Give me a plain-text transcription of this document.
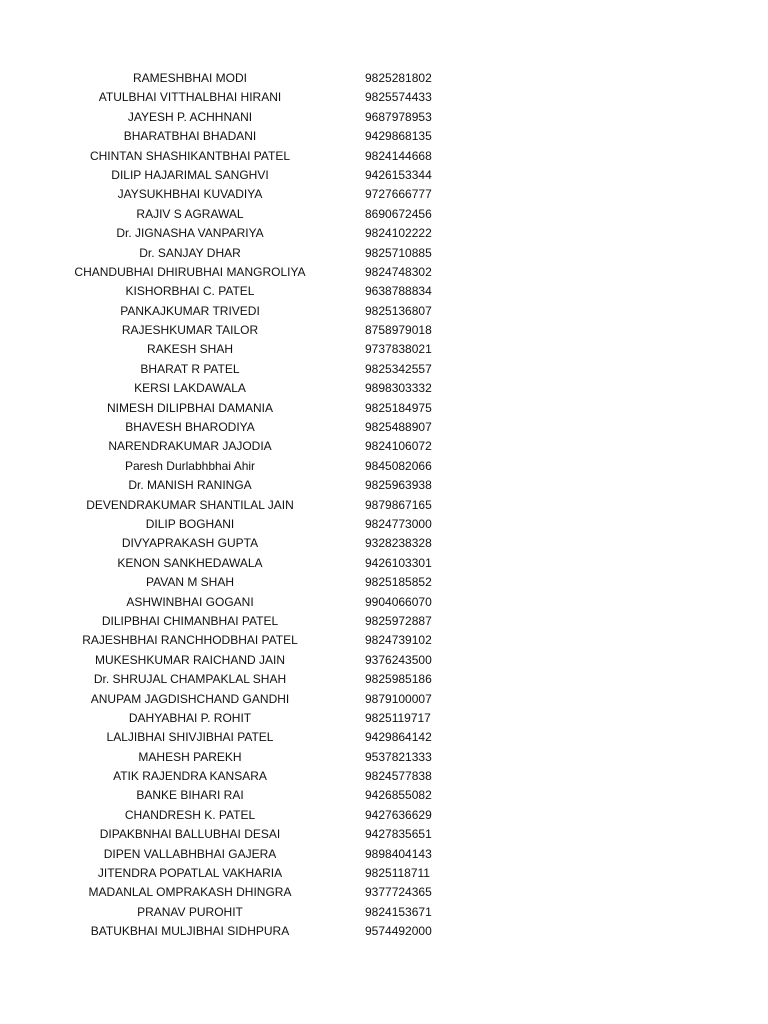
RAMESHBHAI MODI	9825281802
ATULBHAI VITTHALBHAI HIRANI	9825574433
JAYESH P. ACHHNANI	9687978953
BHARATBHAI BHADANI	9429868135
CHINTAN SHASHIKANTBHAI PATEL	9824144668
DILIP HAJARIMAL SANGHVI	9426153344
JAYSUKHBHAI KUVADIYA	9727666777
RAJIV S AGRAWAL	8690672456
Dr. JIGNASHA VANPARIYA	9824102222
Dr. SANJAY DHAR	9825710885
CHANDUBHAI DHIRUBHAI MANGROLIYA	9824748302
KISHORBHAI C. PATEL	9638788834
PANKAJKUMAR TRIVEDI	9825136807
RAJESHKUMAR TAILOR	8758979018
RAKESH SHAH	9737838021
BHARAT R PATEL	9825342557
KERSI LAKDAWALA	9898303332
NIMESH DILIPBHAI DAMANIA	9825184975
BHAVESH BHARODIYA	9825488907
NARENDRAKUMAR JAJODIA	9824106072
Paresh Durlabhbhai Ahir	9845082066
Dr. MANISH RANINGA	9825963938
DEVENDRAKUMAR SHANTILAL JAIN	9879867165
DILIP BOGHANI	9824773000
DIVYAPRAKASH GUPTA	9328238328
KENON SANKHEDAWALA	9426103301
PAVAN M SHAH	9825185852
ASHWINBHAI GOGANI	9904066070
DILIPBHAI CHIMANBHAI PATEL	9825972887
RAJESHBHAI RANCHHODBHAI PATEL	9824739102
MUKESHKUMAR RAICHAND JAIN	9376243500
Dr. SHRUJAL CHAMPAKLAL SHAH	9825985186
ANUPAM JAGDISHCHAND GANDHI	9879100007
DAHYABHAI P. ROHIT	9825119717
LALJIBHAI SHIVJIBHAI PATEL	9429864142
MAHESH PAREKH	9537821333
ATIK RAJENDRA KANSARA	9824577838
BANKE BIHARI RAI	9426855082
CHANDRESH K. PATEL	9427636629
DIPAKBNHAI BALLUBHAI DESAI	9427835651
DIPEN VALLABHBHAI GAJERA	9898404143
JITENDRA POPATLAL VAKHARIA	9825118711
MADANLAL OMPRAKASH DHINGRA	9377724365
PRANAV PUROHIT	9824153671
BATUKBHAI MULJIBHAI SIDHPURA	9574492000
